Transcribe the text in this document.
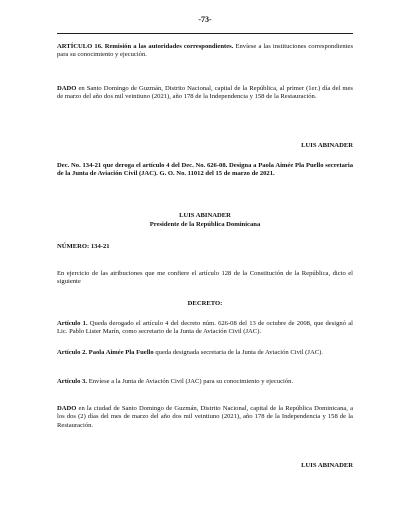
-73-
ARTÍCULO 16. Remisión a las autoridades correspondientes. Envíese a las instituciones correspondientes para su conocimiento y ejecución.
DADO en Santo Domingo de Guzmán, Distrito Nacional, capital de la República, al primer (1er.) día del mes de marzo del año dos mil veintiuno (2021), año 178 de la Independencia y 158 de la Restauración.
LUIS ABINADER
Dec. No. 134-21 que deroga el artículo 4 del Dec. No. 626-08. Designa a Paola Aimée Pla Puello secretaria de la Junta de Aviación Civil (JAC). G. O. No. 11012 del 15 de marzo de 2021.
LUIS ABINADER
Presidente de la República Dominicana
NÚMERO: 134-21
En ejercicio de las atribuciones que me confiere el artículo 128 de la Constitución de la República, dicto el siguiente
DECRETO:
Artículo 1. Queda derogado el artículo 4 del decreto núm. 626-08 del 13 de octubre de 2008, que designó al Lic. Pablo Lister Marín, como secretario de la Junta de Aviación Civil (JAC).
Artículo 2. Paola Aimée Pla Fuello queda designada secretaria de la Junta de Aviación Civil (JAC).
Artículo 3. Envíese a la Junta de Aviación Civil (JAC) para su conocimiento y ejecución.
DADO en la ciudad de Santo Domingo de Guzmán, Distrito Nacional, capital de la República Dominicana, a los dos (2) días del mes de marzo del año dos mil veintiuno (2021), año 178 de la Independencia y 158 de la Restauración.
LUIS ABINADER
